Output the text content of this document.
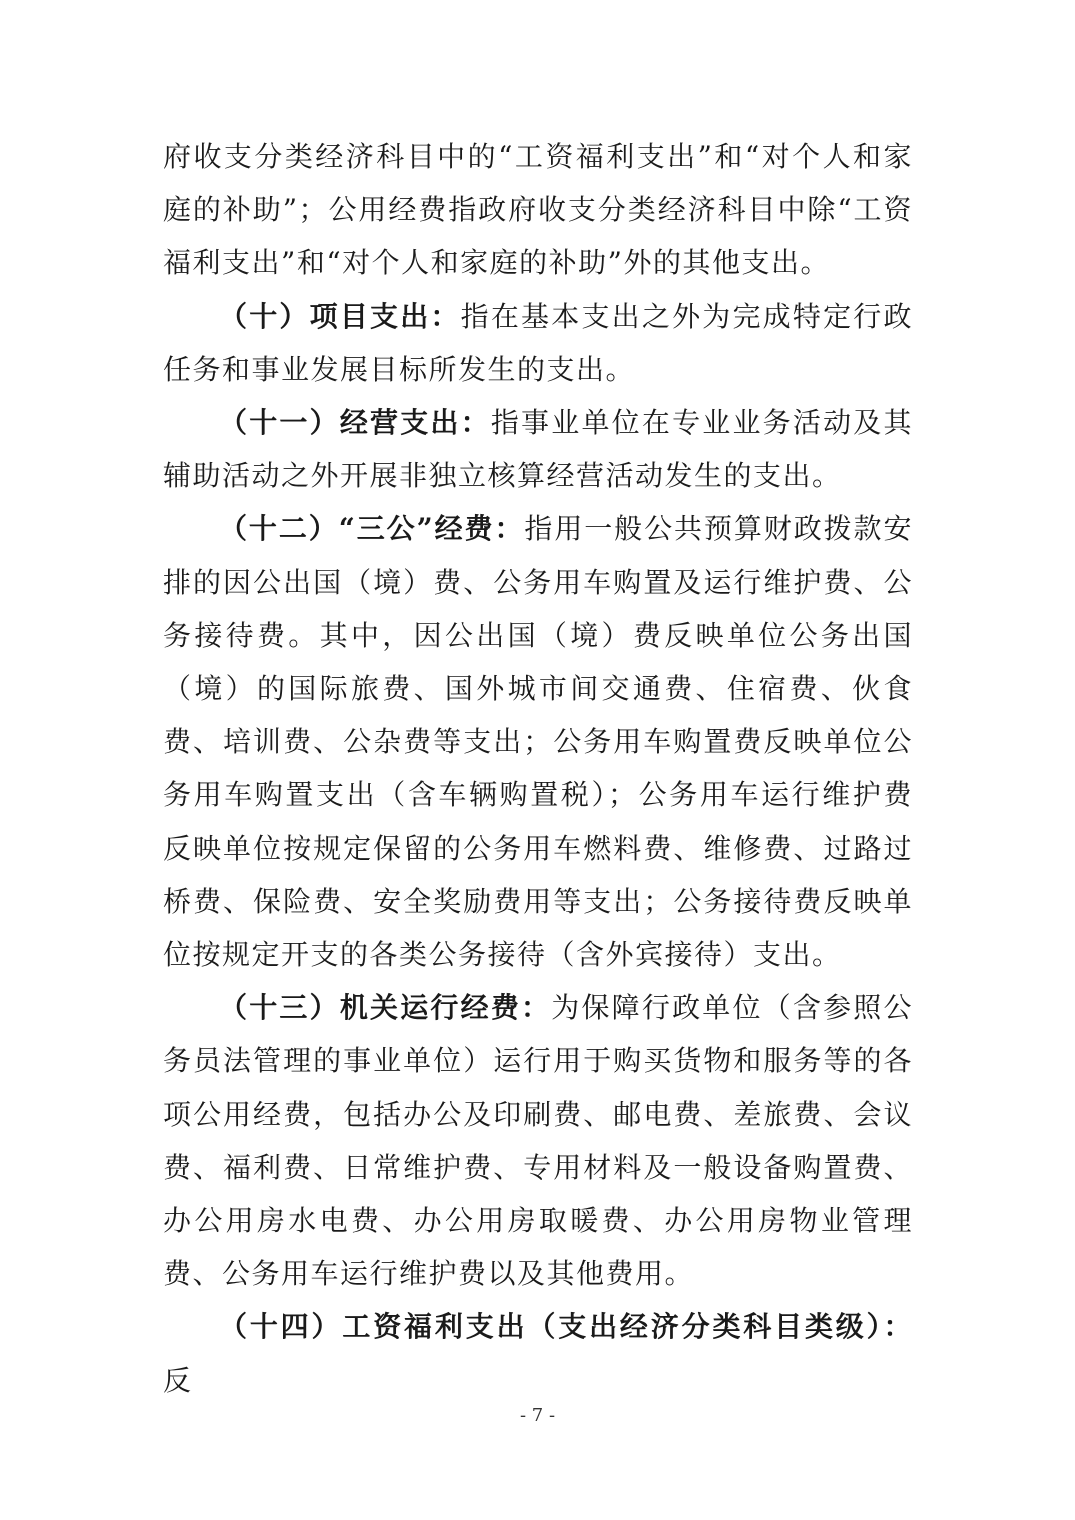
府收支分类经济科目中的“工资福利支出”和“对个人和家庭的补助”；公用经费指政府收支分类经济科目中除“工资福利支出”和“对个人和家庭的补助”外的其他支出。

（十）项目支出：指在基本支出之外为完成特定行政任务和事业发展目标所发生的支出。

（十一）经营支出：指事业单位在专业业务活动及其辅助活动之外开展非独立核算经营活动发生的支出。

（十二）“三公”经费：指用一般公共预算财政拨款安排的因公出国（境）费、公务用车购置及运行维护费、公务接待费。其中，因公出国（境）费反映单位公务出国（境）的国际旅费、国外城市间交通费、住宿费、伙食费、培训费、公杂费等支出；公务用车购置费反映单位公务用车购置支出（含车辆购置税）；公务用车运行维护费反映单位按规定保留的公务用车燃料费、维修费、过路过桥费、保险费、安全奖励费用等支出；公务接待费反映单位按规定开支的各类公务接待（含外宾接待）支出。

（十三）机关运行经费：为保障行政单位（含参照公务员法管理的事业单位）运行用于购买货物和服务等的各项公用经费，包括办公及印刷费、邮电费、差旅费、会议费、福利费、日常维护费、专用材料及一般设备购置费、办公用房水电费、办公用房取暖费、办公用房物业管理费、公务用车运行维护费以及其他费用。

（十四）工资福利支出（支出经济分类科目类级）：反

- 7 -
